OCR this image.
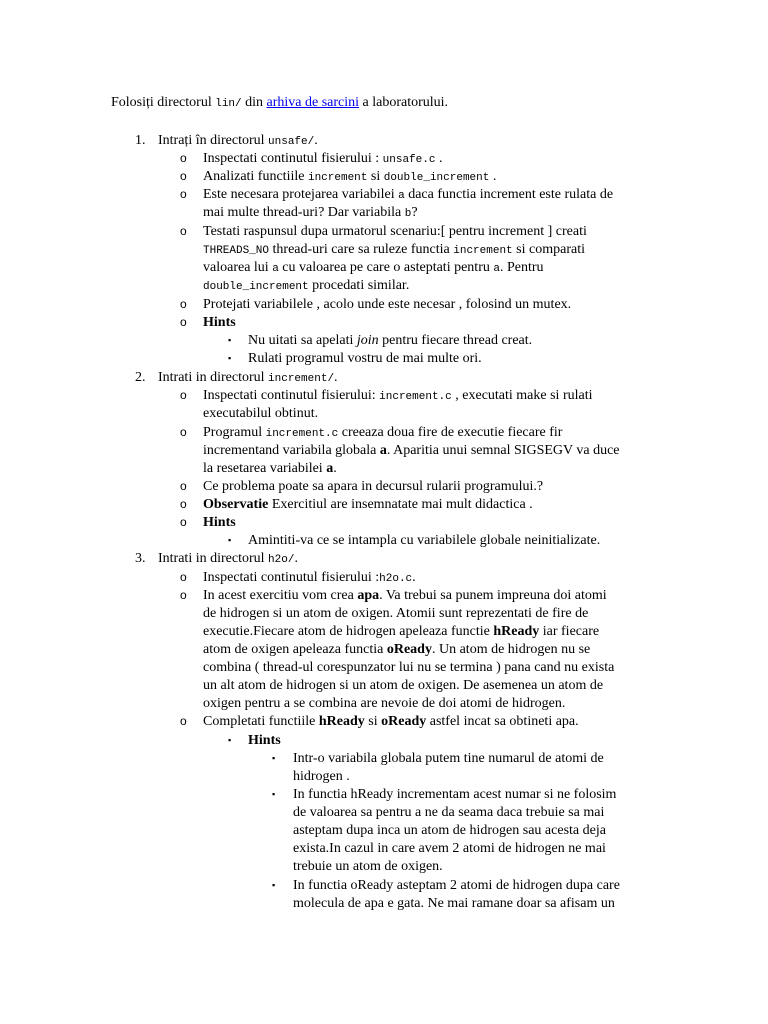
Folosiți directorul lin/ din arhiva de sarcini a laboratorului.
1. Intrați în directorul unsafe/.
o Inspectati continutul fisierului : unsafe.c .
o Analizati functiile increment si double_increment .
o Este necesara protejarea variabilei a daca functia increment este rulata de
mai multe thread-uri? Dar variabila b?
o Testati raspunsul dupa urmatorul scenariu:[ pentru increment ] creati
THREADS_NO thread-uri care sa ruleze functia increment si comparati
valoarea lui a cu valoarea pe care o asteptati pentru a. Pentru
double_increment procedati similar.
o Protejati variabilele , acolo unde este necesar , folosind un mutex.
o Hints
▪ Nu uitati sa apelati join pentru fiecare thread creat.
▪ Rulati programul vostru de mai multe ori.
2. Intrati in directorul increment/.
o Inspectati continutul fisierului: increment.c , executati make si rulati
executabilul obtinut.
o Programul increment.c creeaza doua fire de executie fiecare fir
incrementand variabila globala a. Aparitia unui semnal SIGSEGV va duce
la resetarea variabilei a.
o Ce problema poate sa apara in decursul rularii programului.?
o Observatie Exercitiul are insemnatate mai mult didactica .
o Hints
▪ Amintiti-va ce se intampla cu variabilele globale neinitializate.
3. Intrati in directorul h2o/.
o Inspectati continutul fisierului :h2o.c.
o In acest exercitiu vom crea apa. Va trebui sa punem impreuna doi atomi
de hidrogen si un atom de oxigen. Atomii sunt reprezentati de fire de
executie.Fiecare atom de hidrogen apeleaza functie hReady iar fiecare
atom de oxigen apeleaza functia oReady. Un atom de hidrogen nu se
combina ( thread-ul corespunzator lui nu se termina ) pana cand nu exista
un alt atom de hidrogen si un atom de oxigen. De asemenea un atom de
oxigen pentru a se combina are nevoie de doi atomi de hidrogen.
o Completati functiile hReady si oReady astfel incat sa obtineti apa.
▪ Hints
▪ Intr-o variabila globala putem tine numarul de atomi de
hidrogen .
▪ In functia hReady incrementam acest numar si ne folosim
de valoarea sa pentru a ne da seama daca trebuie sa mai
asteptam dupa inca un atom de hidrogen sau acesta deja
exista.In cazul in care avem 2 atomi de hidrogen ne mai
trebuie un atom de oxigen.
▪ In functia oReady asteptam 2 atomi de hidrogen dupa care
molecula de apa e gata. Ne mai ramane doar sa afisam un
